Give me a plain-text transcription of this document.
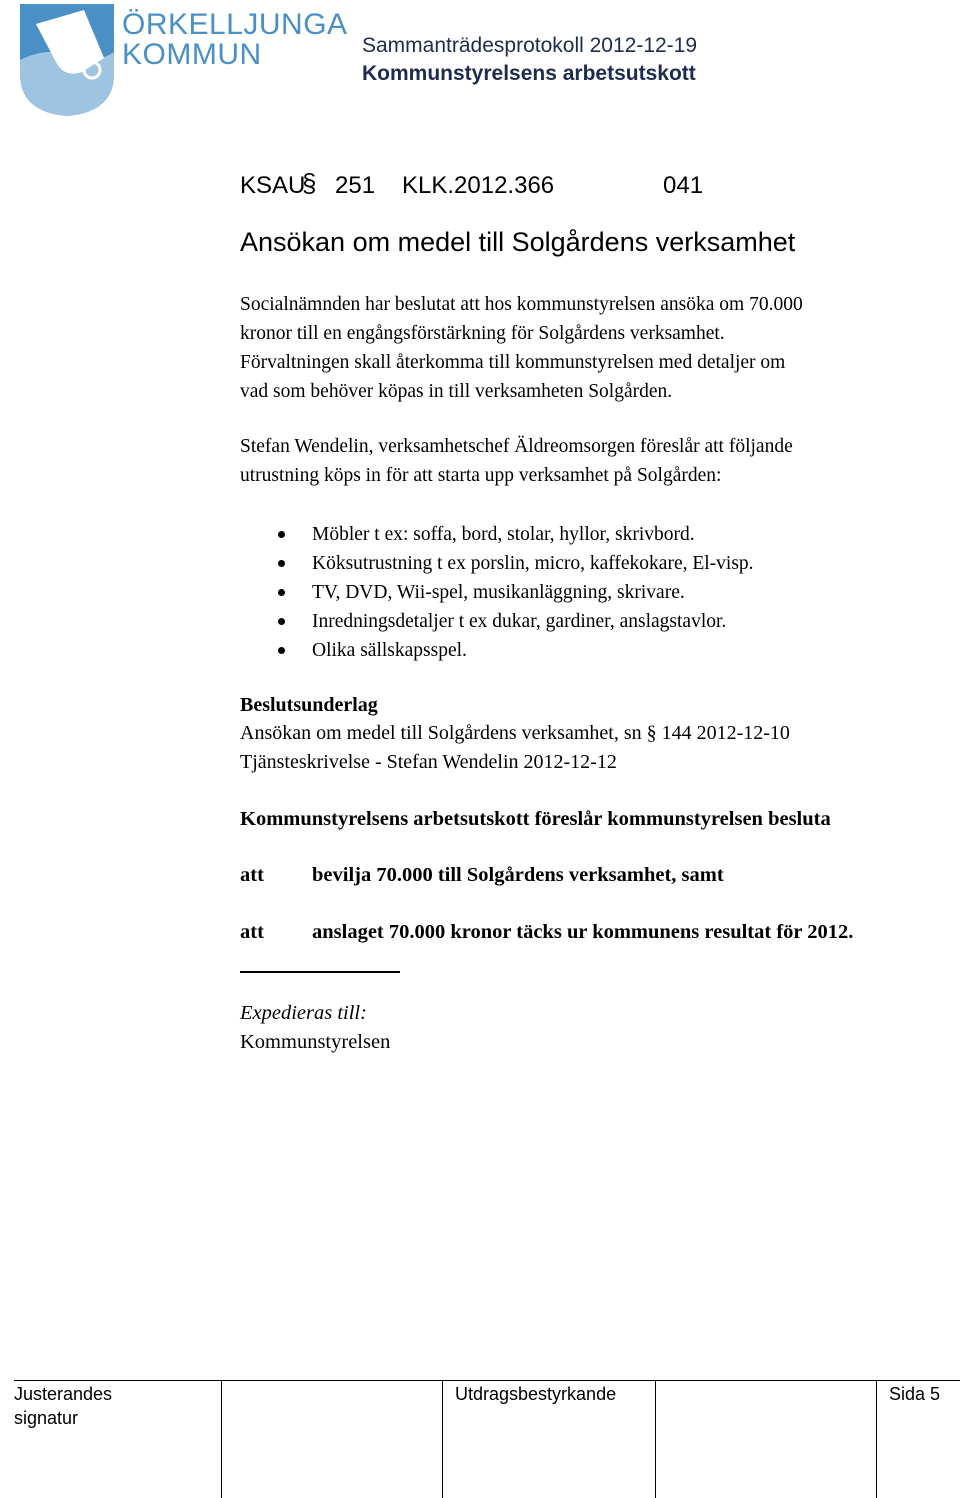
ÖRKELLJUNGA
KOMMUN	Sammanträdesprotokoll 2012-12-19
Kommunstyrelsens arbetsutskott
KSAU
§ 251 KLK.2012.366	041
Ansökan om medel till Solgårdens verksamhet
Socialnämnden har beslutat att hos kommunstyrelsen ansöka om 70.000
kronor till en engångsförstärkning för Solgårdens verksamhet.
Förvaltningen skall återkomma till kommunstyrelsen med detaljer om
vad som behöver köpas in till verksamheten Solgården.
Stefan Wendelin, verksamhetschef Äldreomsorgen föreslår att följande
utrustning köps in för att starta upp verksamhet på Solgården:
Möbler t ex: soffa, bord, stolar, hyllor, skrivbord.
Köksutrustning t ex porslin, micro, kaffekokare, El-visp.
TV, DVD, Wii-spel, musikanläggning, skrivare.
Inredningsdetaljer t ex dukar, gardiner, anslagstavlor.
Olika sällskapsspel.
Beslutsunderlag
Ansökan om medel till Solgårdens verksamhet, sn § 144 2012-12-10
Tjänsteskrivelse - Stefan Wendelin 2012-12-12
Kommunstyrelsens arbetsutskott föreslår kommunstyrelsen besluta
att bevilja 70.000 till Solgårdens verksamhet, samt
att anslaget 70.000 kronor täcks ur kommunens resultat för 2012.
Expedieras till:
Kommunstyrelsen
Justerandes
signatur
Utdragsbestyrkande	Sida 5
